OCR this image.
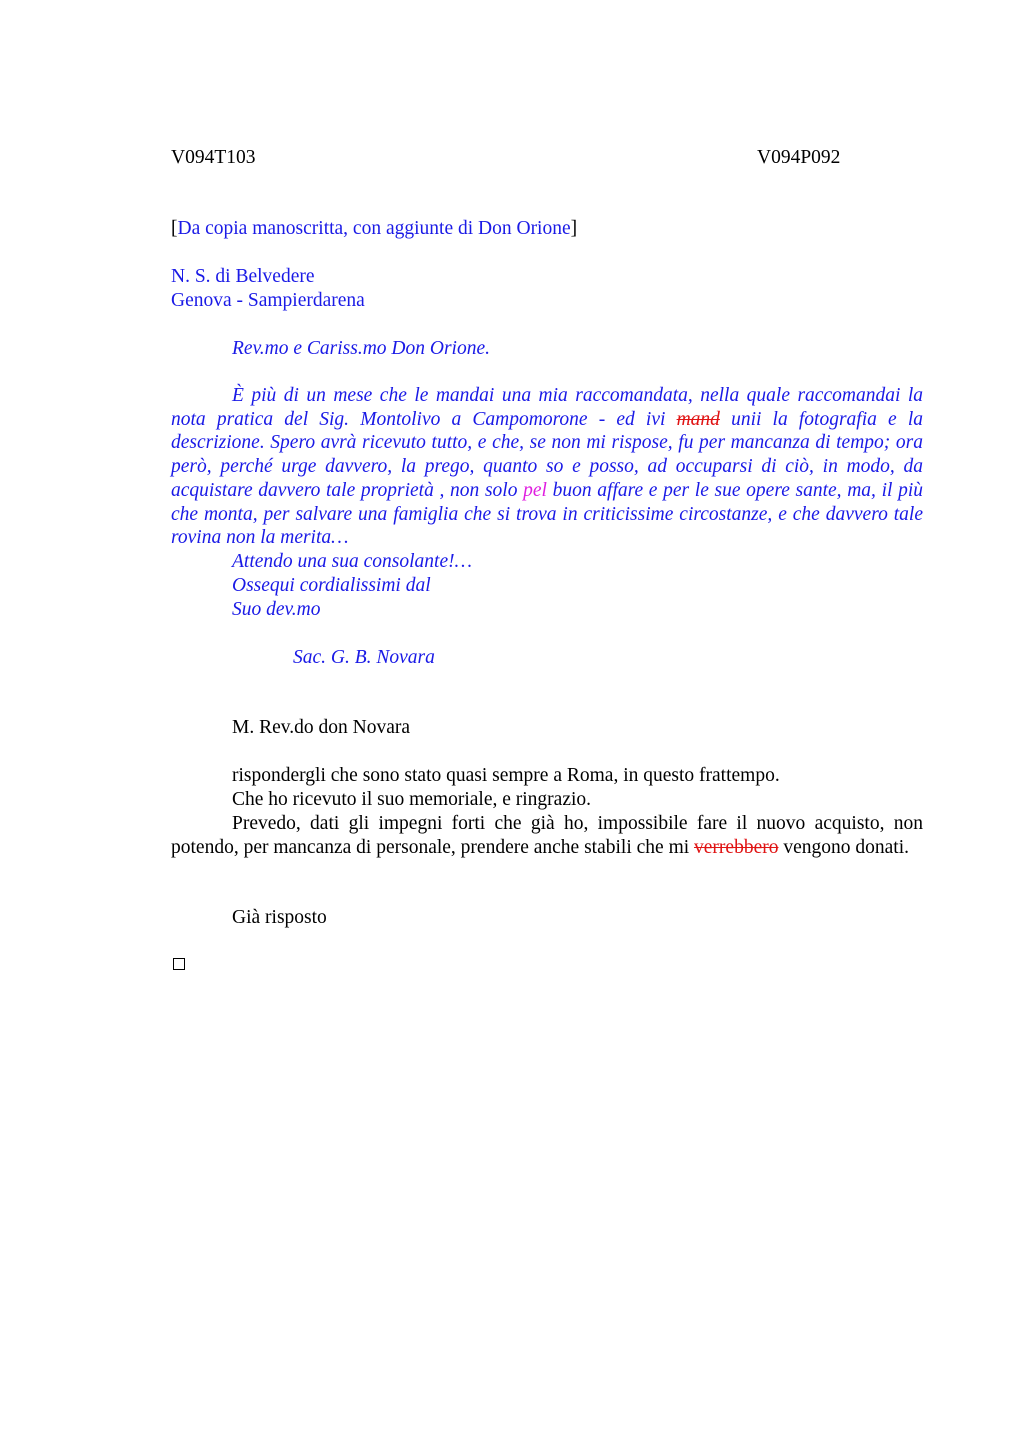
V094T103	V094P092
[Da copia manoscritta, con aggiunte di Don Orione]
N. S. di Belvedere
Genova - Sampierdarena
Rev.mo e Cariss.mo Don Orione.
È più di un mese che le mandai una mia raccomandata, nella quale raccomandai la nota pratica del Sig. Montolivo a Campomorone - ed ivi mand unii la fotografia e la descrizione. Spero avrà ricevuto tutto, e che, se non mi rispose, fu per mancanza di tempo; ora però, perché urge davvero, la prego, quanto so e posso, ad occuparsi di ciò, in modo, da acquistare davvero tale proprietà , non solo pel buon affare e per le sue opere sante, ma, il più che monta, per salvare una famiglia che si trova in criticissime circostanze, e che davvero tale rovina non la merita…
Attendo una sua consolante!…
Ossequi cordialissimi dal
Suo dev.mo
Sac. G. B. Novara
M. Rev.do don Novara
rispondergli che sono stato quasi sempre a Roma, in questo frattempo.
Che ho ricevuto il suo memoriale, e ringrazio.
Prevedo, dati gli impegni forti che già ho, impossibile fare il nuovo acquisto, non potendo, per mancanza di personale, prendere anche stabili che mi verrebbero vengono donati.
Già risposto
